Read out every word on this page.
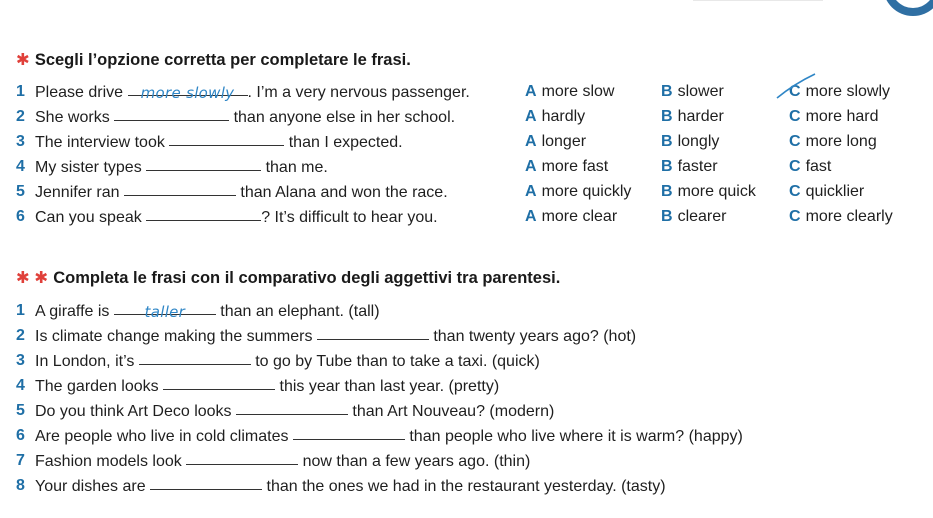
✱ Scegli l’opzione corretta per completare le frasi.
1 Please drive more slowly . I’m a very nervous passenger.	A more slow	B slower	C more slowly
2 She works	than anyone else in her school.	A hardly	B harder	C more hard
3 The interview took	than I expected.	A longer	B longly	C more long
4 My sister types	than me.	A more fast	B faster	C fast
5 Jennifer ran	than Alana and won the race.	A more quickly B more quick C quicklier
6 Can you speak	? It’s difficult to hear you.	A more clear	B clearer	C more clearly
✱ ✱ Completa le frasi con il comparativo degli aggettivi tra parentesi.
1 A giraffe is taller than an elephant. (tall)
2 Is climate change making the summers	than twenty years ago? (hot)
3 In London, it’s	to go by Tube than to take a taxi. (quick)
4 The garden looks	this year than last year. (pretty)
5 Do you think Art Deco looks	than Art Nouveau? (modern)
6 Are people who live in cold climates	than people who live where it is warm? (happy)
7 Fashion models look	now than a few years ago. (thin)
8 Your dishes are	than the ones we had in the restaurant yesterday. (tasty)
